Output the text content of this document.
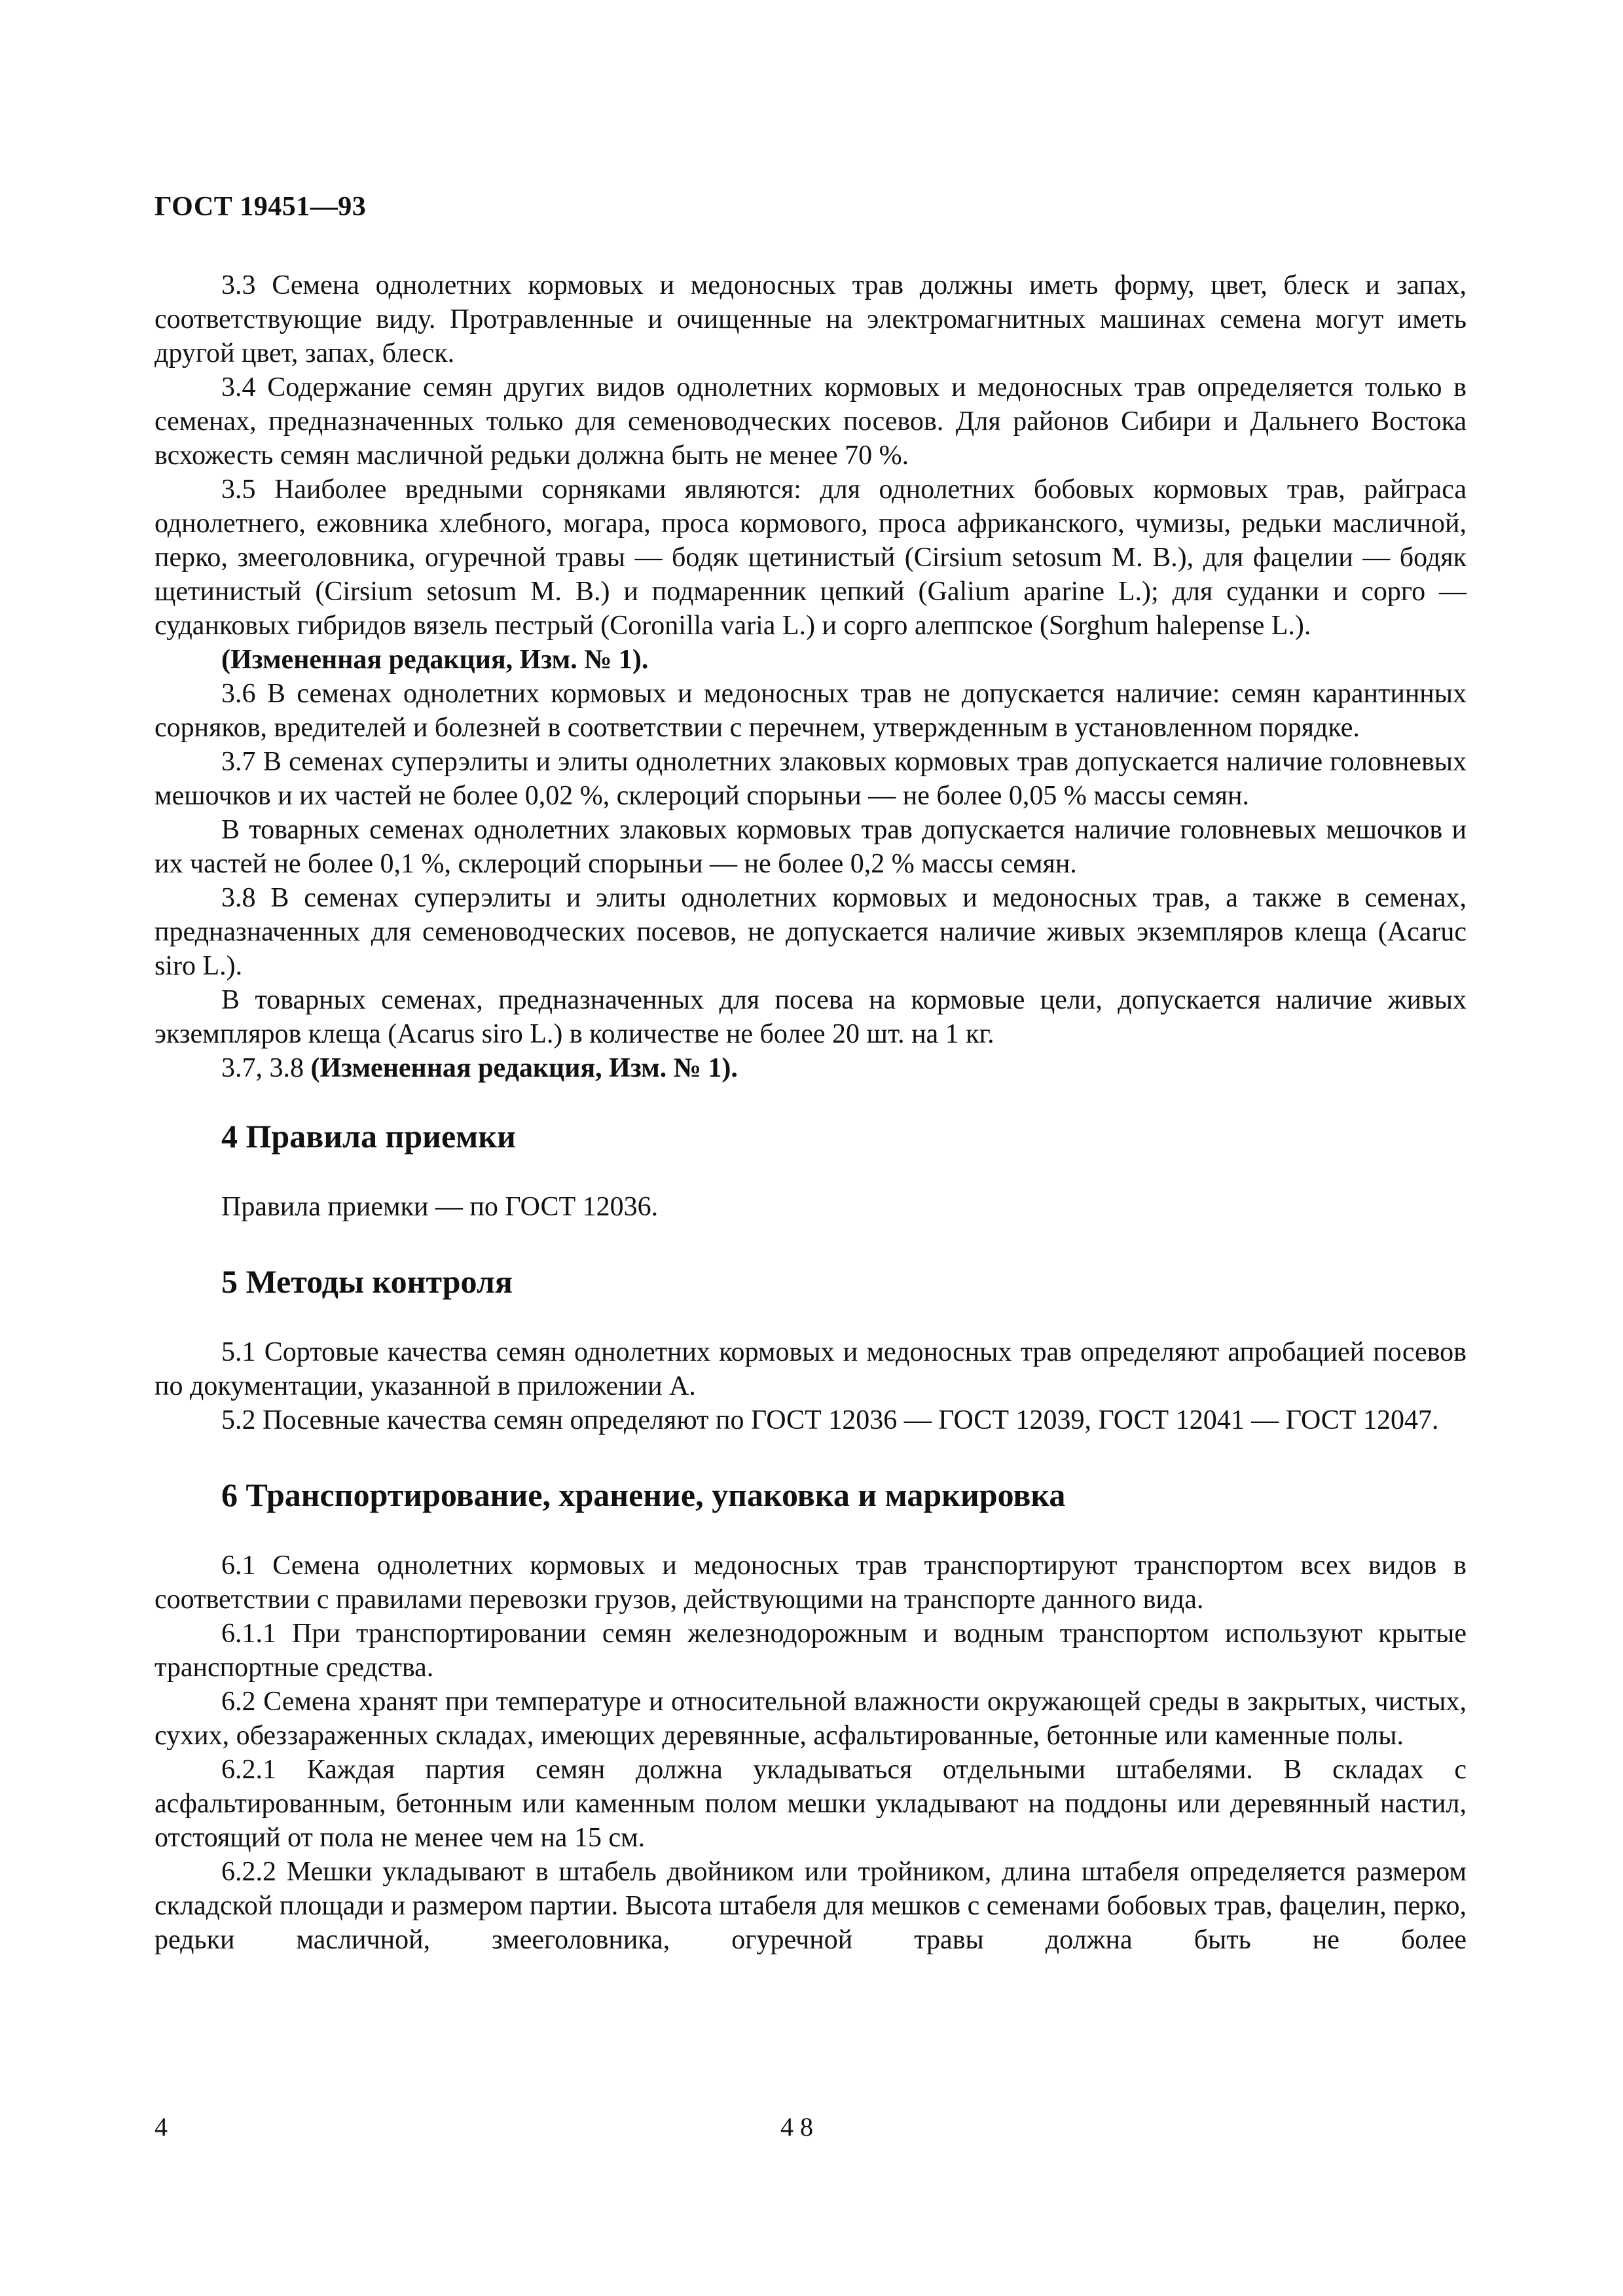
ГОСТ 19451—93

3.3 Семена однолетних кормовых и медоносных трав должны иметь форму, цвет, блеск и запах, соответствующие виду. Протравленные и очищенные на электромагнитных машинах семена могут иметь другой цвет, запах, блеск.

3.4 Содержание семян других видов однолетних кормовых и медоносных трав определяется только в семенах, предназначенных только для семеноводческих посевов. Для районов Сибири и Дальнего Востока всхожесть семян масличной редьки должна быть не менее 70 %.

3.5 Наиболее вредными сорняками являются: для однолетних бобовых кормовых трав, райграса однолетнего, ежовника хлебного, могара, проса кормового, проса африканского, чумизы, редьки масличной, перко, змееголовника, огуречной травы — бодяк щетинистый (Cirsium setosum M. B.), для фацелии — бодяк щетинистый (Cirsium setosum M. B.) и подмаренник цепкий (Galium aparine L.); для суданки и сорго — суданковых гибридов вязель пестрый (Coronilla varia L.) и сорго алеппское (Sorghum halepense L.).

(Измененная редакция, Изм. № 1).

3.6 В семенах однолетних кормовых и медоносных трав не допускается наличие: семян карантинных сорняков, вредителей и болезней в соответствии с перечнем, утвержденным в установленном порядке.

3.7 В семенах суперэлиты и элиты однолетних злаковых кормовых трав допускается наличие головневых мешочков и их частей не более 0,02 %, склероций спорыньи — не более 0,05 % массы семян.

В товарных семенах однолетних злаковых кормовых трав допускается наличие головневых мешочков и их частей не более 0,1 %, склероций спорыньи — не более 0,2 % массы семян.

3.8 В семенах суперэлиты и элиты однолетних кормовых и медоносных трав, а также в семенах, предназначенных для семеноводческих посевов, не допускается наличие живых экземпляров клеща (Acaruc siro L.).

В товарных семенах, предназначенных для посева на кормовые цели, допускается наличие живых экземпляров клеща (Acarus siro L.) в количестве не более 20 шт. на 1 кг.

3.7, 3.8 (Измененная редакция, Изм. № 1).

4 Правила приемки

Правила приемки — по ГОСТ 12036.

5 Методы контроля

5.1 Сортовые качества семян однолетних кормовых и медоносных трав определяют апробацией посевов по документации, указанной в приложении А.

5.2 Посевные качества семян определяют по ГОСТ 12036 — ГОСТ 12039, ГОСТ 12041 — ГОСТ 12047.

6 Транспортирование, хранение, упаковка и маркировка

6.1 Семена однолетних кормовых и медоносных трав транспортируют транспортом всех видов в соответствии с правилами перевозки грузов, действующими на транспорте данного вида.

6.1.1 При транспортировании семян железнодорожным и водным транспортом используют крытые транспортные средства.

6.2 Семена хранят при температуре и относительной влажности окружающей среды в закрытых, чистых, сухих, обеззараженных складах, имеющих деревянные, асфальтированные, бетонные или каменные полы.

6.2.1 Каждая партия семян должна укладываться отдельными штабелями. В складах с асфальтированным, бетонным или каменным полом мешки укладывают на поддоны или деревянный настил, отстоящий от пола не менее чем на 15 см.

6.2.2 Мешки укладывают в штабель двойником или тройником, длина штабеля определяется размером складской площади и размером партии. Высота штабеля для мешков с семенами бобовых трав, фацелин, перко, редьки масличной, змееголовника, огуречной травы должна быть не более

4	48
